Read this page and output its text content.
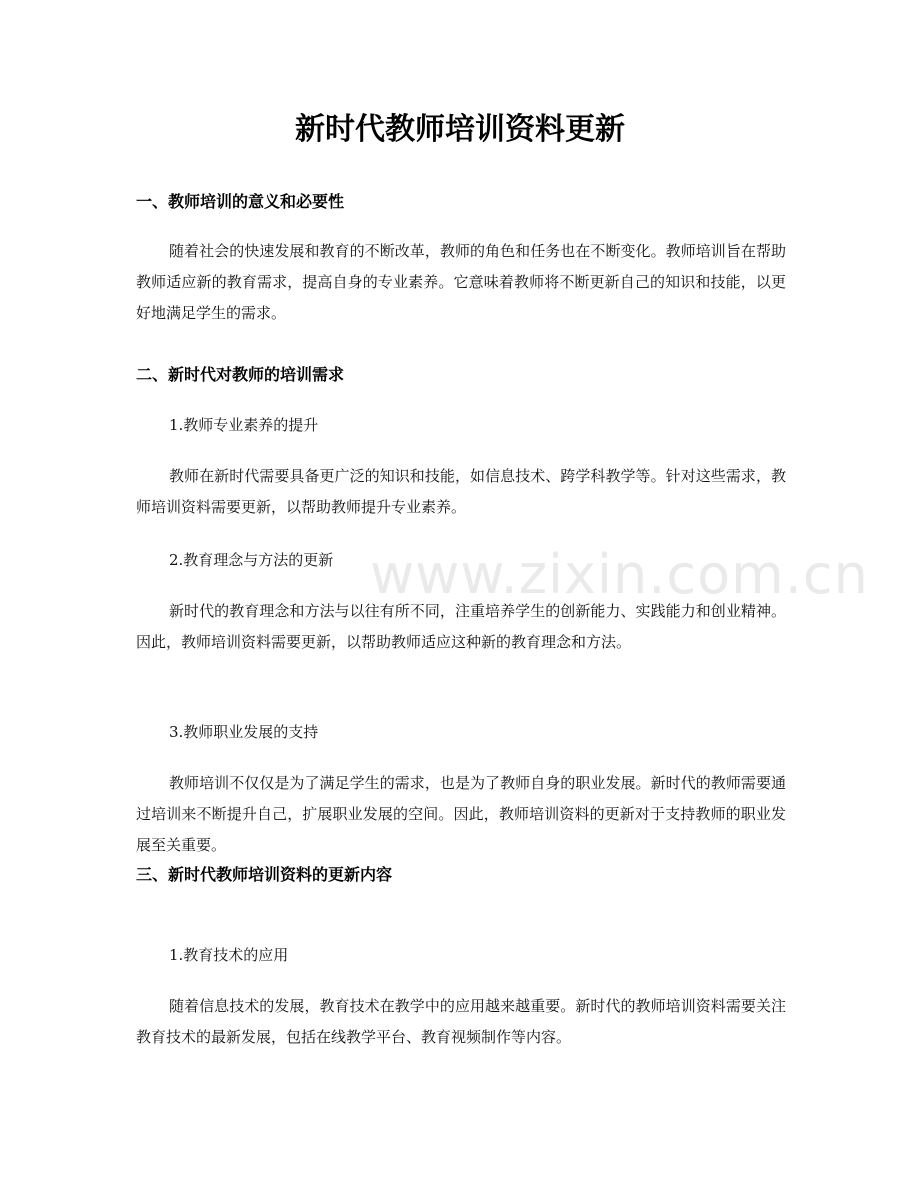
www.zixin.com.cn
新时代教师培训资料更新
一、教师培训的意义和必要性
随着社会的快速发展和教育的不断改革，教师的角色和任务也在不断变化。教师培训旨在帮助教师适应新的教育需求，提高自身的专业素养。它意味着教师将不断更新自己的知识和技能，以更好地满足学生的需求。
二、新时代对教师的培训需求
1.教师专业素养的提升
教师在新时代需要具备更广泛的知识和技能，如信息技术、跨学科教学等。针对这些需求，教师培训资料需要更新，以帮助教师提升专业素养。
2.教育理念与方法的更新
新时代的教育理念和方法与以往有所不同，注重培养学生的创新能力、实践能力和创业精神。因此，教师培训资料需要更新，以帮助教师适应这种新的教育理念和方法。
3.教师职业发展的支持
教师培训不仅仅是为了满足学生的需求，也是为了教师自身的职业发展。新时代的教师需要通过培训来不断提升自己，扩展职业发展的空间。因此，教师培训资料的更新对于支持教师的职业发展至关重要。
三、新时代教师培训资料的更新内容
1.教育技术的应用
随着信息技术的发展，教育技术在教学中的应用越来越重要。新时代的教师培训资料需要关注教育技术的最新发展，包括在线教学平台、教育视频制作等内容。
